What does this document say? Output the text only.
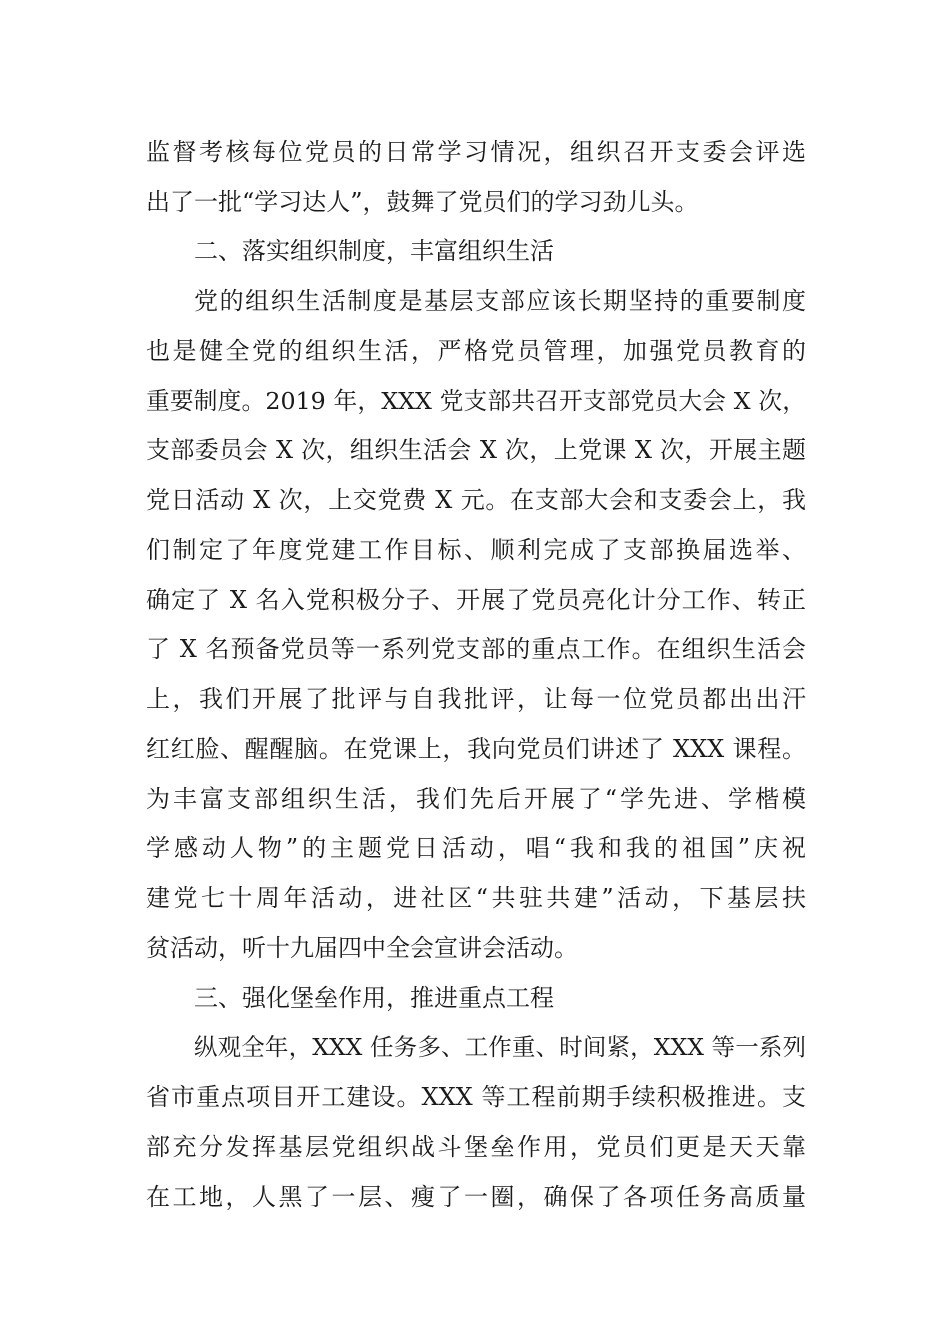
监督考核每位党员的日常学习情况，组织召开支委会评选
出了一批“学习达人”，鼓舞了党员们的学习劲儿头。
二、落实组织制度，丰富组织生活
党的组织生活制度是基层支部应该长期坚持的重要制度
也是健全党的组织生活，严格党员管理，加强党员教育的
重要制度。2019 年，XXX 党支部共召开支部党员大会 X 次，
支部委员会 X 次，组织生活会 X 次，上党课 X 次，开展主题
党日活动 X 次，上交党费 X 元。在支部大会和支委会上，我
们制定了年度党建工作目标、顺利完成了支部换届选举、
确定了 X 名入党积极分子、开展了党员亮化计分工作、转正
了 X 名预备党员等一系列党支部的重点工作。在组织生活会
上，我们开展了批评与自我批评，让每一位党员都出出汗
红红脸、醒醒脑。在党课上，我向党员们讲述了 XXX 课程。
为丰富支部组织生活，我们先后开展了“学先进、学楷模
学感动人物”的主题党日活动，唱“我和我的祖国”庆祝
建党七十周年活动，进社区“共驻共建”活动，下基层扶
贫活动，听十九届四中全会宣讲会活动。
三、强化堡垒作用，推进重点工程
纵观全年，XXX 任务多、工作重、时间紧，XXX 等一系列
省市重点项目开工建设。XXX 等工程前期手续积极推进。支
部充分发挥基层党组织战斗堡垒作用，党员们更是天天靠
在工地，人黑了一层、瘦了一圈，确保了各项任务高质量
